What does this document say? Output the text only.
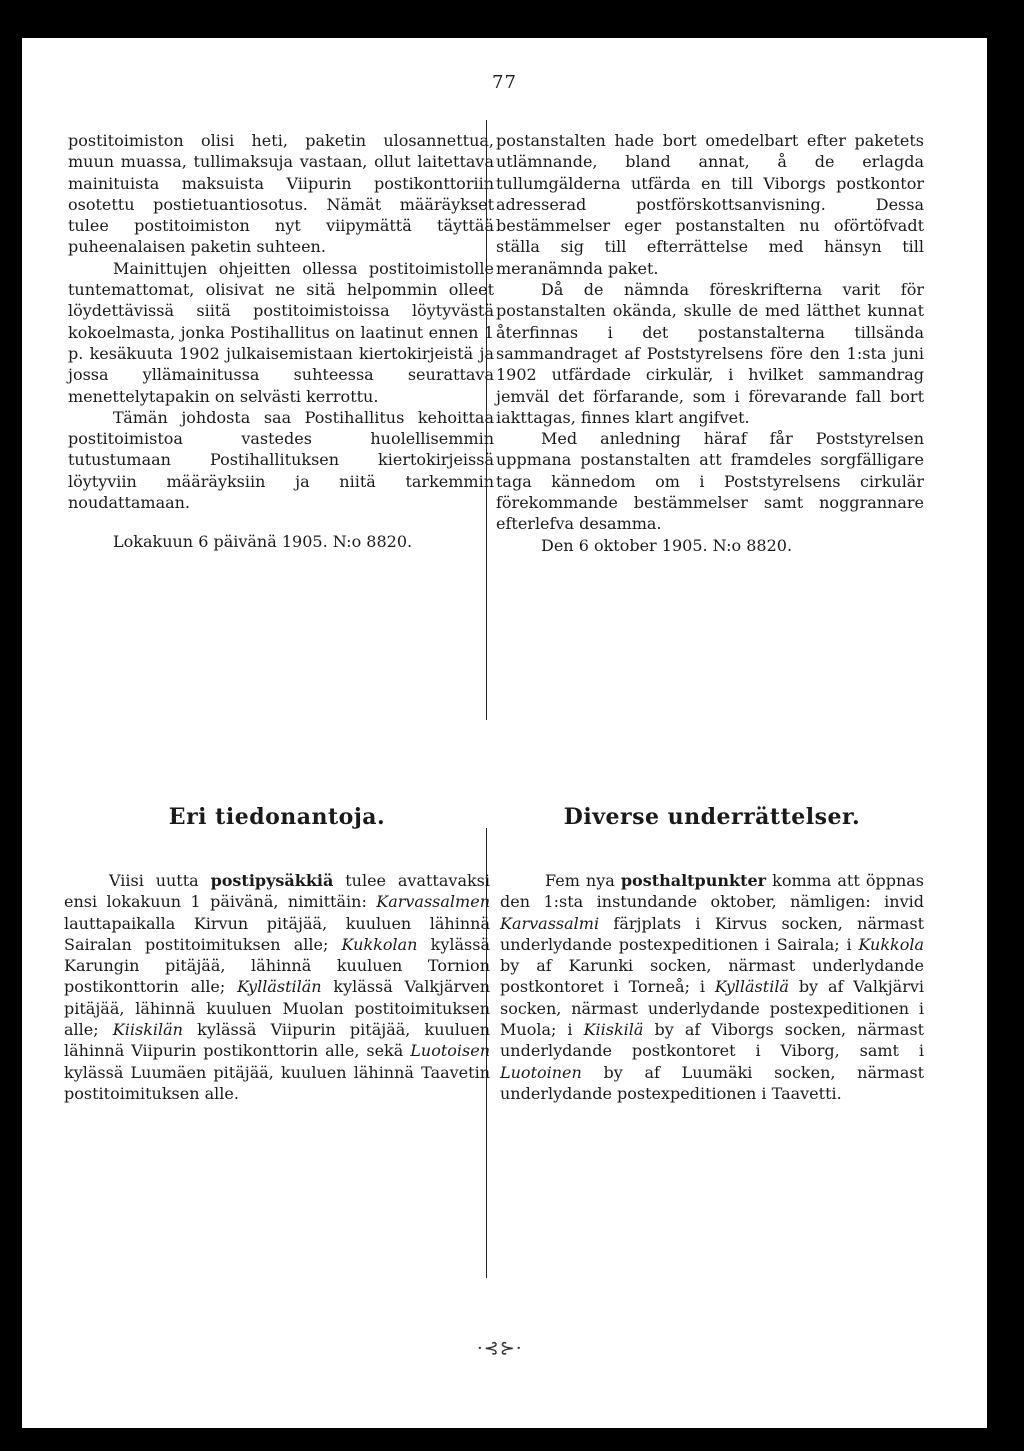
77

postitoimiston olisi heti, paketin ulosannettua, muun muassa, tullimaksuja vastaan, ollut laitettava mainituista maksuista Viipurin postikonttoriin osotettu postietuantiosotus. Nämät määräykset tulee postitoimiston nyt viipymättä täyttää puheenalaisen paketin suhteen.

Mainittujen ohjeitten ollessa postitoimistolle tuntemattomat, olisivat ne sitä helpommin olleet löydettävissä siitä postitoimistoissa löytyvästä kokoelmasta, jonka Postihallitus on laatinut ennen 1 p. kesäkuuta 1902 julkaisemistaan kiertokirjeistä ja jossa yllämainitussa suhteessa seurattava menettelytapakin on selvästi kerrottu.

Tämän johdosta saa Postihallitus kehoittaa postitoimistoa vastedes huolellisemmin tutustumaan Postihallituksen kiertokirjeissä löytyviin määräyksiin ja niitä tarkemmin noudattamaan.

Lokakuun 6 päivänä 1905. N:o 8820.

postanstalten hade bort omedelbart efter paketets utlämnande, bland annat, å de erlagda tullumgälderna utfärda en till Viborgs postkontor adresserad postförskottsanvisning. Dessa bestämmelser eger postanstalten nu oförtöfvadt ställa sig till efterrättelse med hänsyn till meranämnda paket.

Då de nämnda föreskrifterna varit för postanstalten okända, skulle de med lätthet kunnat återfinnas i det postanstalterna tillsända sammandraget af Poststyrelsens före den 1:sta juni 1902 utfärdade cirkulär, i hvilket sammandrag jemväl det förfarande, som i förevarande fall bort iakttagas, finnes klart angifvet.

Med anledning häraf får Poststyrelsen uppmana postanstalten att framdeles sorgfälligare taga kännedom om i Poststyrelsens cirkulär förekommande bestämmelser samt noggrannare efterlefva desamma.

Den 6 oktober 1905. N:o 8820.

Eri tiedonantoja.	Diverse underrättelser.

Viisi uutta postipysäkkiä tulee avattavaksi ensi lokakuun 1 päivänä, nimittäin: Karvassalmen lauttapaikalla Kirvun pitäjää, kuuluen lähinnä Sairalan postitoimituksen alle; Kukkolan kylässä Karungin pitäjää, lähinnä kuuluen Tornion postikonttorin alle; Kyllästilän kylässä Valkjärven pitäjää, lähinnä kuuluen Muolan postitoimituksen alle; Kiiskilän kylässä Viipurin pitäjää, kuuluen lähinnä Viipurin postikonttorin alle, sekä Luotoisen kylässä Luumäen pitäjää, kuuluen lähinnä Taavetin postitoimituksen alle.

Fem nya posthaltpunkter komma att öppnas den 1:sta instundande oktober, nämligen: invid Karvassalmi färjplats i Kirvus socken, närmast underlydande postexpeditionen i Sairala; i Kukkola by af Karunki socken, närmast underlydande postkontoret i Torneå; i Kyllästilä by af Valkjärvi socken, närmast underlydande postexpeditionen i Muola; i Kiiskilä by af Viborgs socken, närmast underlydande postkontoret i Viborg, samt i Luotoinen by af Luumäki socken, närmast underlydande postexpeditionen i Taavetti.

·⊰⊱·
